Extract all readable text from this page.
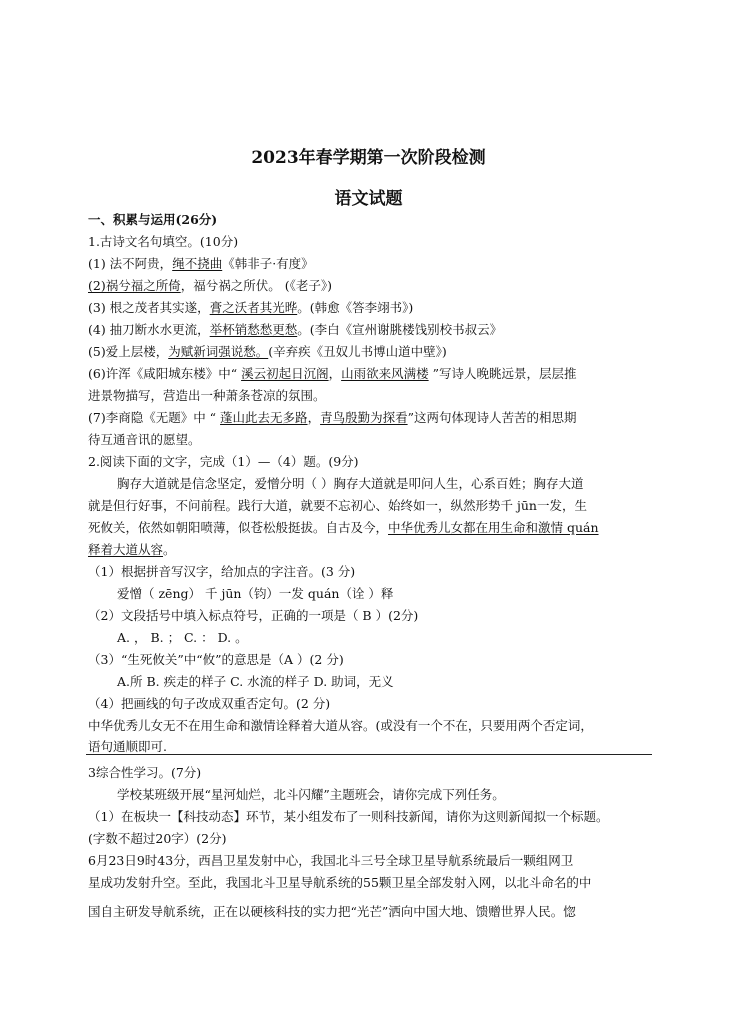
2023年春学期第一次阶段检测
语文试题
一、积累与运用(26分)
1.古诗文名句填空。(10分)
(1) 法不阿贵，绳不挠曲《韩非子·有度》
(2)祸兮福之所倚，福兮祸之所伏。 (《老子》)
(3) 根之茂者其实遂，膏之沃者其光晔。(韩愈《答李翊书》)
(4) 抽刀断水水更流，举杯销愁愁更愁。(李白《宣州谢朓楼饯别校书叔云》
(5)爱上层楼，为赋新词强说愁。(辛弃疾《丑奴儿书博山道中壁》)
(6)许浑《咸阳城东楼》中“ 溪云初起日沉阁，山雨欲来风满楼 ”写诗人晚眺远景，层层推
进景物描写，营造出一种萧条苍凉的氛围。
(7)李商隐《无题》中 “ 蓬山此去无多路，青鸟殷勤为探看”这两句体现诗人苦苦的相思期
待互通音讯的愿望。
2.阅读下面的文字，完成（1）—（4）题。(9分)
胸存大道就是信念坚定，爱憎分明（ ）胸存大道就是叩问人生，心系百姓；胸存大道
就是但行好事，不问前程。践行大道，就要不忘初心、始终如一，纵然形势千 jūn一发，生
死攸关，依然如朝阳喷薄，似苍松般挺拔。自古及今，中华优秀儿女都在用生命和激情 quán
释着大道从容。
（1）根据拼音写汉字，给加点的字注音。(3 分)
爱憎（ zēng） 千 jūn（钧）一发 quán（诠 ）释
（2）文段括号中填入标点符号，正确的一项是（ B ）(2分)
A. ， B. ； C. ： D. 。
（3）“生死攸关”中“攸”的意思是（A ）(2 分)
A.所 B. 疾走的样子 C. 水流的样子 D. 助词，无义
（4）把画线的句子改成双重否定句。(2 分)
中华优秀儿女无不在用生命和激情诠释着大道从容。(或没有一个不在，只要用两个否定词，
语句通顺即可.
3综合性学习。(7分)
学校某班级开展“星河灿烂，北斗闪耀”主题班会，请你完成下列任务。
（1）在板块一【科技动态】环节，某小组发布了一则科技新闻，请你为这则新闻拟一个标题。
(字数不超过20字）(2分)
6月23日9时43分，西昌卫星发射中心，我国北斗三号全球卫星导航系统最后一颗组网卫
星成功发射升空。至此，我国北斗卫星导航系统的55颗卫星全部发射入网，以北斗命名的中
国自主研发导航系统，正在以硬核科技的实力把“光芒”洒向中国大地、馈赠世界人民。惚
